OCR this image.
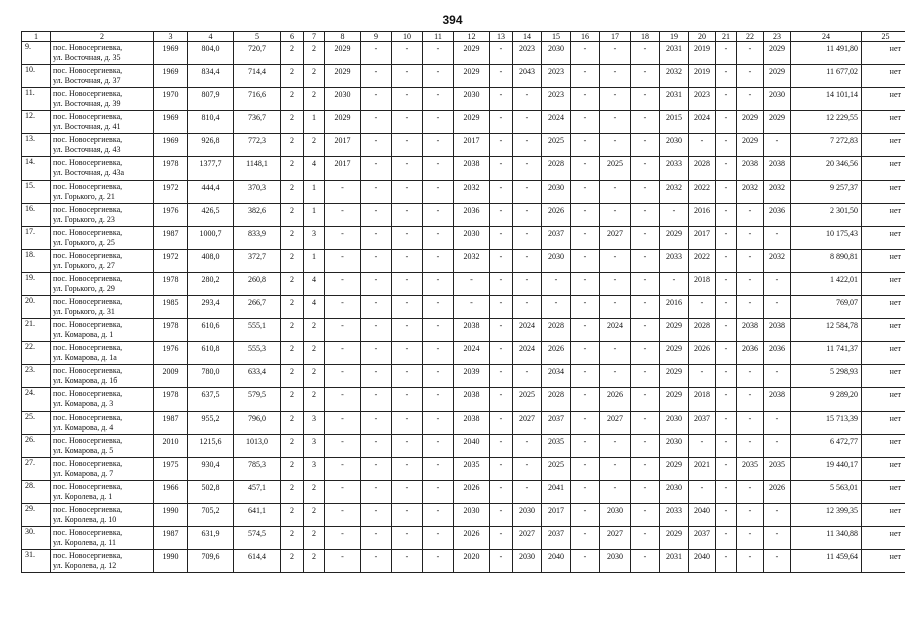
394
1	2	3	4	5	6	7	8	9	10	11	12	13	14	15	16	17	18	19	20	21	22	23	24	25
9.	пос. Новосергиевка,
ул. Восточная, д. 35	1969	804,0	720,7	2	2	2029	-	-	-	2029	-	2023	2030	-	-	-	2031	2019	-	-	2029	11 491,80	нет
10.	пос. Новосергиевка,
ул. Восточная, д. 37	1969	834,4	714,4	2	2	2029	-	-	-	2029	-	2043	2023	-	-	-	2032	2019	-	-	2029	11 677,02	нет
11.	пос. Новосергиевка,
ул. Восточная, д. 39	1970	807,9	716,6	2	2	2030	-	-	-	2030	-	-	2023	-	-	-	2031	2023	-	-	2030	14 101,14	нет
12.	пос. Новосергиевка,
ул. Восточная, д. 41	1969	810,4	736,7	2	1	2029	-	-	-	2029	-	-	2024	-	-	-	2015	2024	-	2029	2029	12 229,55	нет
13.	пос. Новосергиевка,
ул. Восточная, д. 43	1969	926,8	772,3	2	2	2017	-	-	-	2017	-	-	2025	-	-	-	2030	-	-	2029	-	7 272,83	нет
14.	пос. Новосергиевка,
ул. Восточная, д. 43а	1978	1377,7	1148,1	2	4	2017	-	-	-	2038	-	-	2028	-	2025	-	2033	2028	-	2038	2038	20 346,56	нет
15.	пос. Новосергиевка,
ул. Горького, д. 21	1972	444,4	370,3	2	1	-	-	-	-	2032	-	-	2030	-	-	-	2032	2022	-	2032	2032	9 257,37	нет
16.	пос. Новосергиевка,
ул. Горького, д. 23	1976	426,5	382,6	2	1	-	-	-	-	2036	-	-	2026	-	-	-	-	2016	-	-	2036	2 301,50	нет
17.	пос. Новосергиевка,
ул. Горького, д. 25	1987	1000,7	833,9	2	3	-	-	-	-	2030	-	-	2037	-	2027	-	2029	2017	-	-	-	10 175,43	нет
18.	пос. Новосергиевка,
ул. Горького, д. 27	1972	408,0	372,7	2	1	-	-	-	-	2032	-	-	2030	-	-	-	2033	2022	-	-	2032	8 890,81	нет
19.	пос. Новосергиевка,
ул. Горького, д. 29	1978	280,2	260,8	2	4	-	-	-	-	-	-	-	-	-	-	-	-	2018	-	-	-	1 422,01	нет
20.	пос. Новосергиевка,
ул. Горького, д. 31	1985	293,4	266,7	2	4	-	-	-	-	-	-	-	-	-	-	-	2016	-	-	-	-	769,07	нет
21.	пос. Новосергиевка,
ул. Комарова, д. 1	1978	610,6	555,1	2	2	-	-	-	-	2038	-	2024	2028	-	2024	-	2029	2028	-	2038	2038	12 584,78	нет
22.	пос. Новосергиевка,
ул. Комарова, д. 1а	1976	610,8	555,3	2	2	-	-	-	-	2024	-	2024	2026	-	-	-	2029	2026	-	2036	2036	11 741,37	нет
23.	пос. Новосергиевка,
ул. Комарова, д. 1б	2009	780,0	633,4	2	2	-	-	-	-	2039	-	-	2034	-	-	-	2029	-	-	-	-	5 298,93	нет
24.	пос. Новосергиевка,
ул. Комарова, д. 3	1978	637,5	579,5	2	2	-	-	-	-	2038	-	2025	2028	-	2026	-	2029	2018	-	-	2038	9 289,20	нет
25.	пос. Новосергиевка,
ул. Комарова, д. 4	1987	955,2	796,0	2	3	-	-	-	-	2038	-	2027	2037	-	2027	-	2030	2037	-	-	-	15 713,39	нет
26.	пос. Новосергиевка,
ул. Комарова, д. 5	2010	1215,6	1013,0	2	3	-	-	-	-	2040	-	-	2035	-	-	-	2030	-	-	-	-	6 472,77	нет
27.	пос. Новосергиевка,
ул. Комарова, д. 7	1975	930,4	785,3	2	3	-	-	-	-	2035	-	-	2025	-	-	-	2029	2021	-	2035	2035	19 440,17	нет
28.	пос. Новосергиевка,
ул. Королева, д. 1	1966	502,8	457,1	2	2	-	-	-	-	2026	-	-	2041	-	-	-	2030	-	-	-	2026	5 563,01	нет
29.	пос. Новосергиевка,
ул. Королева, д. 10	1990	705,2	641,1	2	2	-	-	-	-	2030	-	2030	2017	-	2030	-	2033	2040	-	-	-	12 399,35	нет
30.	пос. Новосергиевка,
ул. Королева, д. 11	1987	631,9	574,5	2	2	-	-	-	-	2026	-	2027	2037	-	2027	-	2029	2037	-	-	-	11 340,88	нет
31.	пос. Новосергиевка,
ул. Королева, д. 12	1990	709,6	614,4	2	2	-	-	-	-	2020	-	2030	2040	-	2030	-	2031	2040	-	-	-	11 459,64	нет
